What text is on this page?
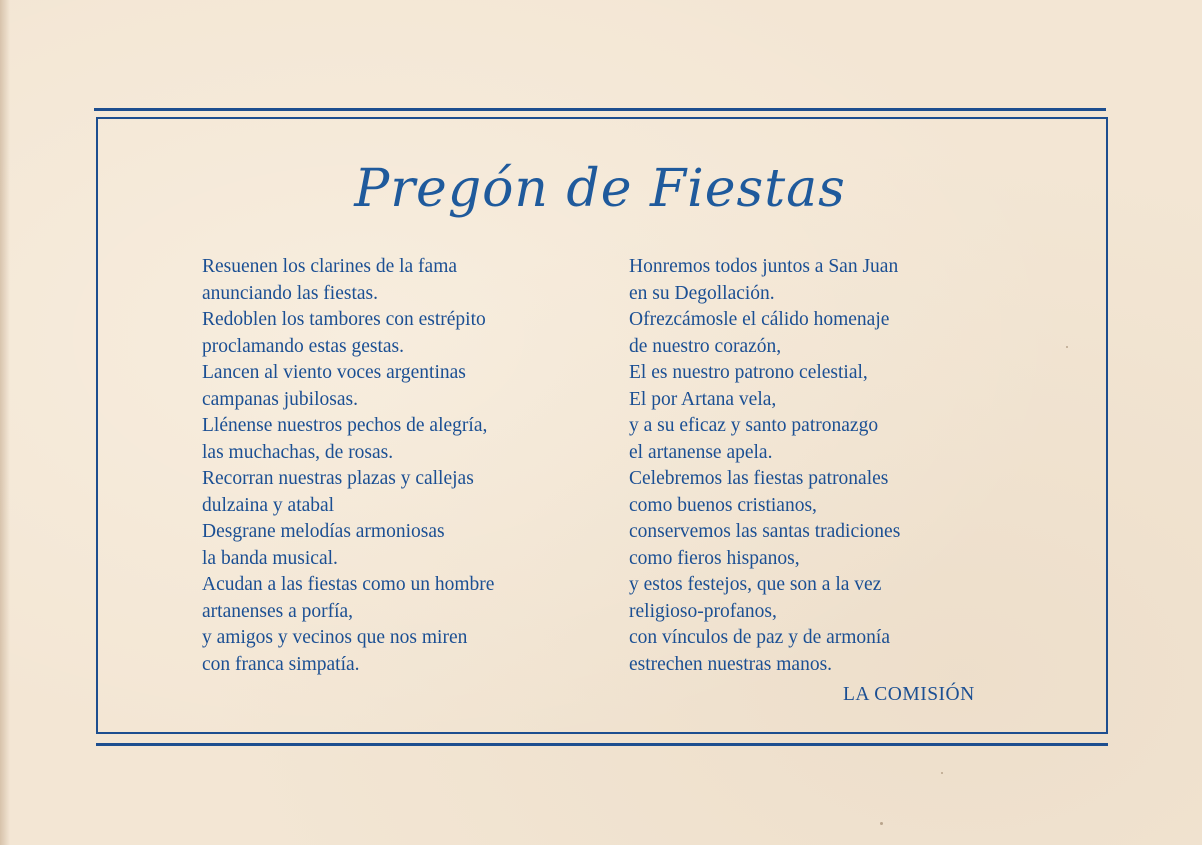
Pregón de Fiestas
Resuenen los clarines de la fama
anunciando las fiestas.
Redoblen los tambores con estrépito
proclamando estas gestas.
Lancen al viento voces argentinas
campanas jubilosas.
Llénense nuestros pechos de alegría,
las muchachas, de rosas.
Recorran nuestras plazas y callejas
dulzaina y atabal
Desgrane melodías armoniosas
la banda musical.
Acudan a las fiestas como un hombre
artanenses a porfía,
y amigos y vecinos que nos miren
con franca simpatía.
Honremos todos juntos a San Juan
en su Degollación.
Ofrezcámosle el cálido homenaje
de nuestro corazón,
El es nuestro patrono celestial,
El por Artana vela,
y a su eficaz y santo patronazgo
el artanense apela.
Celebremos las fiestas patronales
como buenos cristianos,
conservemos las santas tradiciones
como fieros hispanos,
y estos festejos, que son a la vez
religioso-profanos,
con vínculos de paz y de armonía
estrechen nuestras manos.
LA COMISIÓN
